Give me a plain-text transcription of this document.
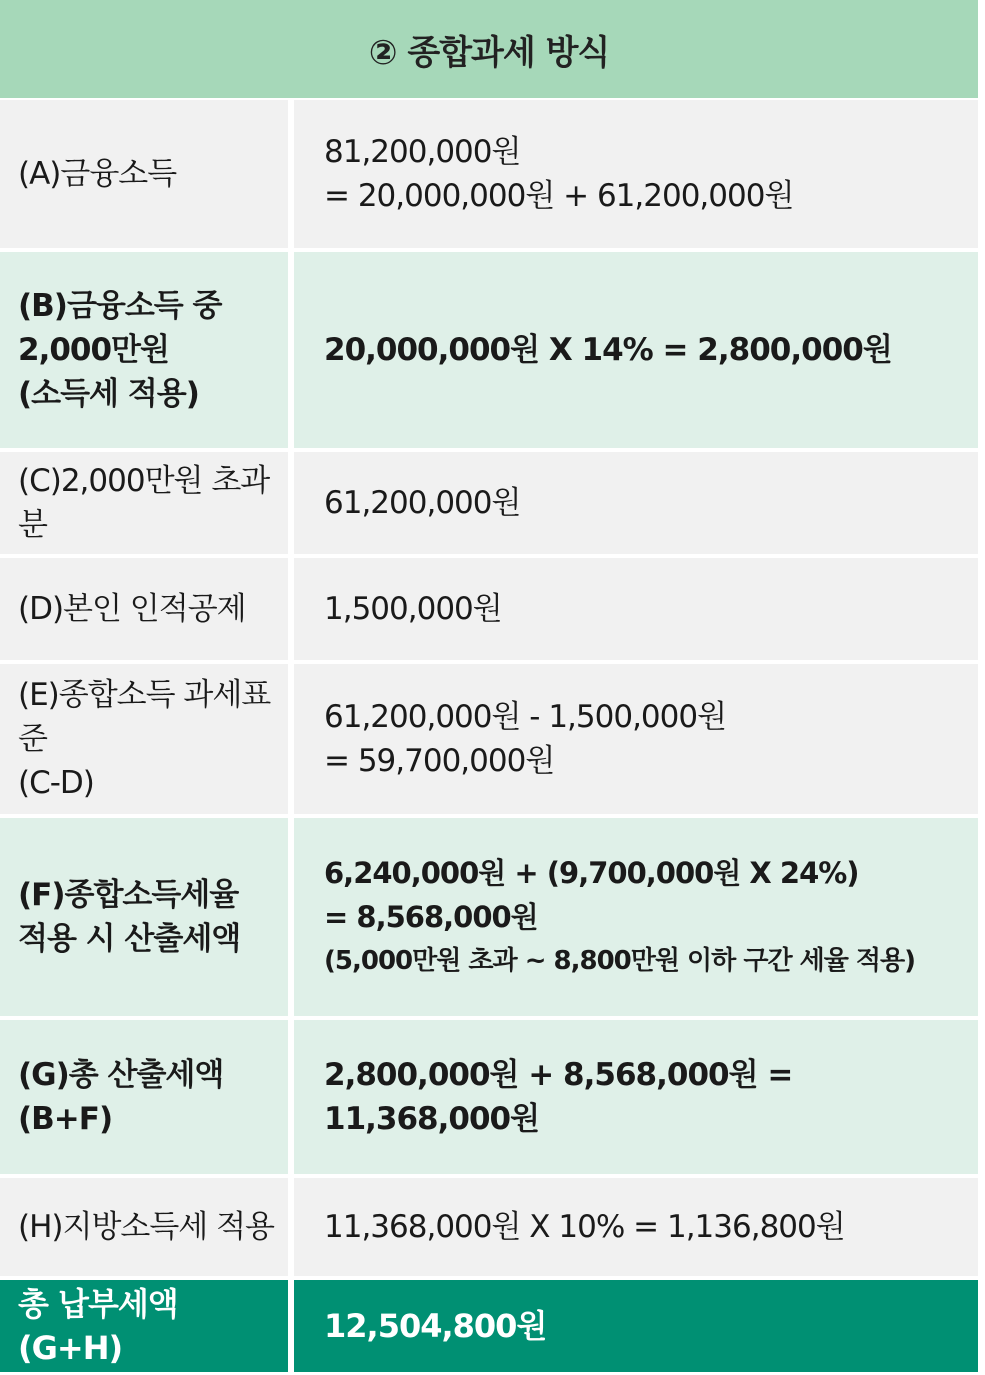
② 종합과세 방식
(A)금융소득
81,200,000원
= 20,000,000원 + 61,200,000원
(B)금융소득 중
2,000만원
(소득세 적용)
20,000,000원 X 14% = 2,800,000원
(C)2,000만원 초과분
61,200,000원
(D)본인 인적공제	1,500,000원
(E)종합소득 과세표준
(C-D)
61,200,000원 - 1,500,000원
= 59,700,000원
(F)종합소득세율
적용 시 산출세액
6,240,000원 + (9,700,000원 X 24%)
= 8,568,000원
(5,000만원 초과 ~ 8,800만원 이하 구간 세율 적용)
(G)총 산출세액
(B+F)
2,800,000원 + 8,568,000원 = 11,368,000원
(H)지방소득세 적용 11,368,000원 X 10% = 1,136,800원
총 납부세액 (G+H)
12,504,800원
